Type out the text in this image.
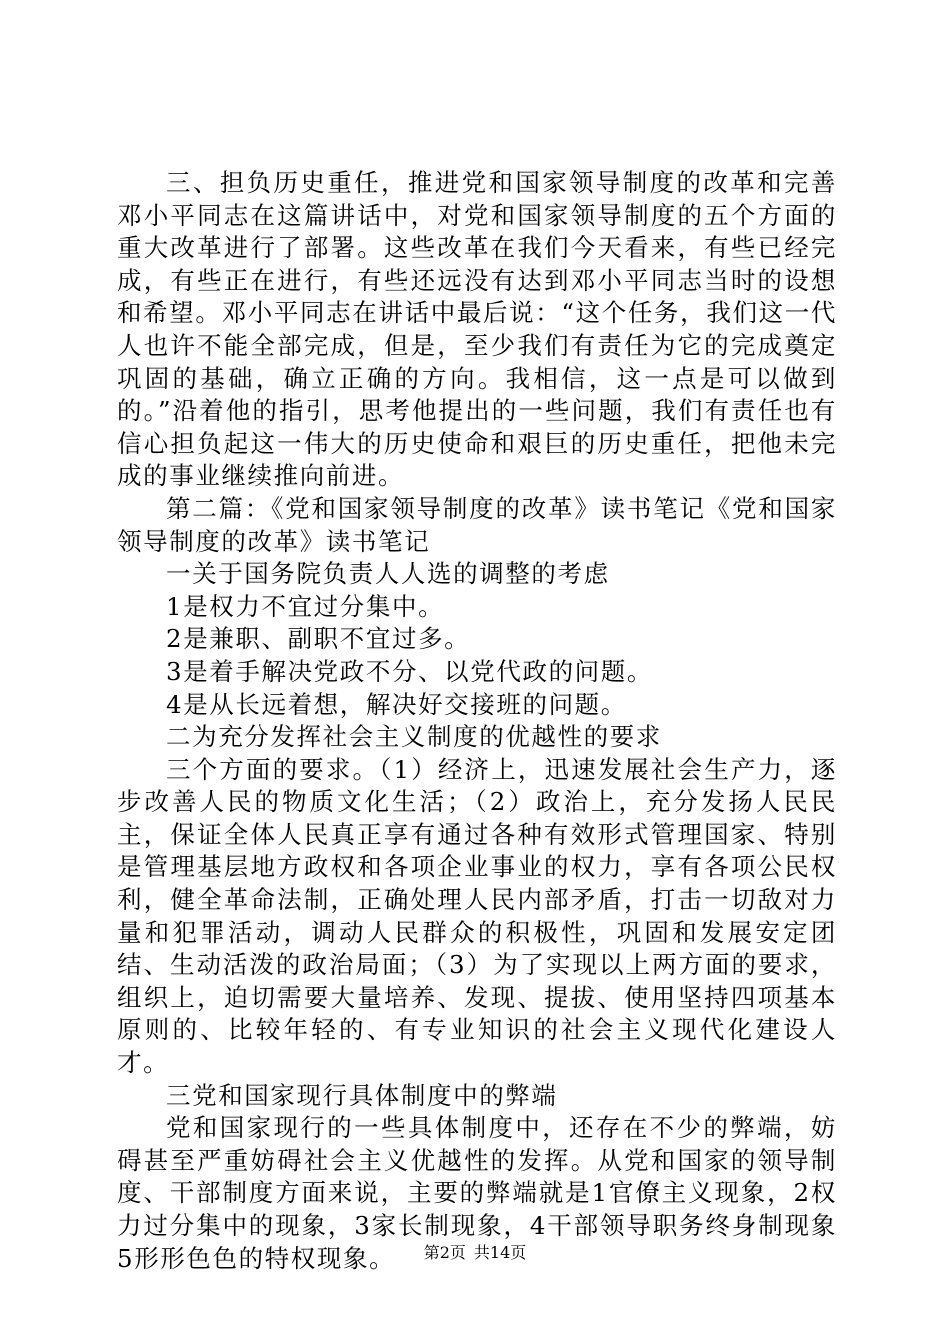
三、担负历史重任，推进党和国家领导制度的改革和完善邓小平同志在这篇讲话中，对党和国家领导制度的五个方面的重大改革进行了部署。这些改革在我们今天看来，有些已经完成，有些正在进行，有些还远没有达到邓小平同志当时的设想和希望。邓小平同志在讲话中最后说：“这个任务，我们这一代人也许不能全部完成，但是，至少我们有责任为它的完成奠定巩固的基础，确立正确的方向。我相信，这一点是可以做到的。”沿着他的指引，思考他提出的一些问题，我们有责任也有信心担负起这一伟大的历史使命和艰巨的历史重任，把他未完成的事业继续推向前进。

第二篇：《党和国家领导制度的改革》读书笔记《党和国家领导制度的改革》读书笔记

一关于国务院负责人人选的调整的考虑

1是权力不宜过分集中。

2是兼职、副职不宜过多。

3是着手解决党政不分、以党代政的问题。

4是从长远着想，解决好交接班的问题。

二为充分发挥社会主义制度的优越性的要求

三个方面的要求。（1）经济上，迅速发展社会生产力，逐步改善人民的物质文化生活；（2）政治上，充分发扬人民民主，保证全体人民真正享有通过各种有效形式管理国家、特别是管理基层地方政权和各项企业事业的权力，享有各项公民权利，健全革命法制，正确处理人民内部矛盾，打击一切敌对力量和犯罪活动，调动人民群众的积极性，巩固和发展安定团结、生动活泼的政治局面；（3）为了实现以上两方面的要求，组织上，迫切需要大量培养、发现、提拔、使用坚持四项基本原则的、比较年轻的、有专业知识的社会主义现代化建设人才。

三党和国家现行具体制度中的弊端

党和国家现行的一些具体制度中，还存在不少的弊端，妨碍甚至严重妨碍社会主义优越性的发挥。从党和国家的领导制度、干部制度方面来说，主要的弊端就是1官僚主义现象，2权力过分集中的现象，3家长制现象，4干部领导职务终身制现象5形形色色的特权现象。	第2页 共14页
